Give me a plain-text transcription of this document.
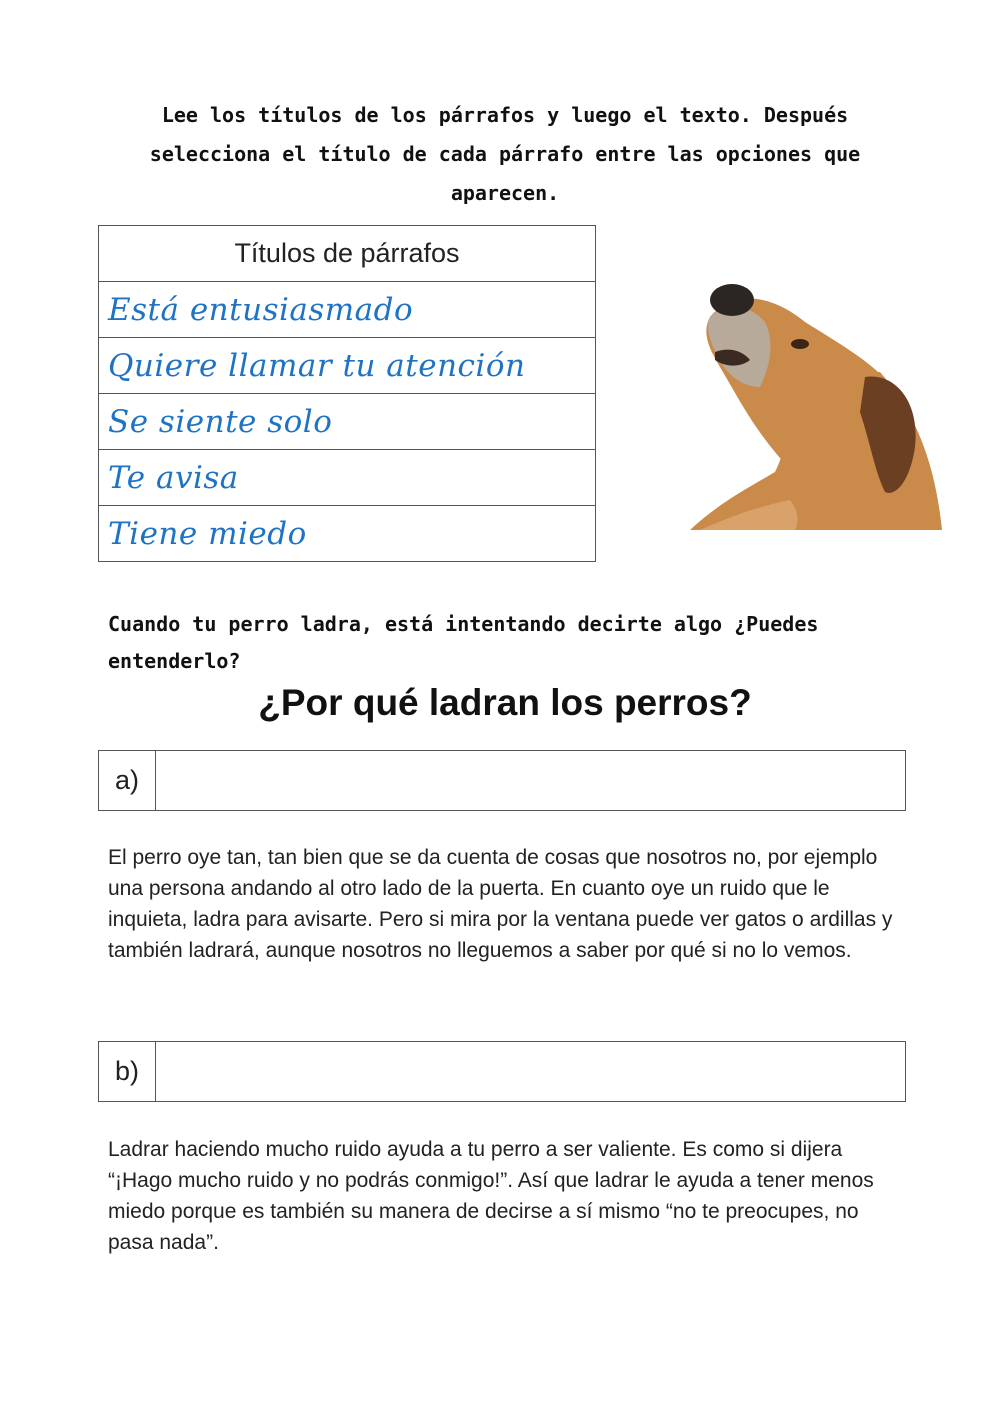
Lee los títulos de los párrafos y luego el texto. Después selecciona el título de cada párrafo entre las opciones que aparecen.
Títulos de párrafos
Está entusiasmado
Quiere llamar tu atención
Se siente solo
Te avisa
Tiene miedo
Cuando tu perro ladra, está intentando decirte algo ¿Puedes entenderlo?
¿Por qué ladran los perros?
a)
El perro oye tan, tan bien que se da cuenta de cosas que nosotros no, por ejemplo una persona andando al otro lado de la puerta. En cuanto oye un ruido que le inquieta, ladra para avisarte. Pero si mira por la ventana puede ver gatos o ardillas y también ladrará, aunque nosotros no lleguemos a saber por qué si no lo vemos.
b)
Ladrar haciendo mucho ruido ayuda a tu perro a ser valiente. Es como si dijera “¡Hago mucho ruido y no podrás conmigo!”. Así que ladrar le ayuda a tener menos miedo porque es también su manera de decirse a sí mismo “no te preocupes, no pasa nada”.
